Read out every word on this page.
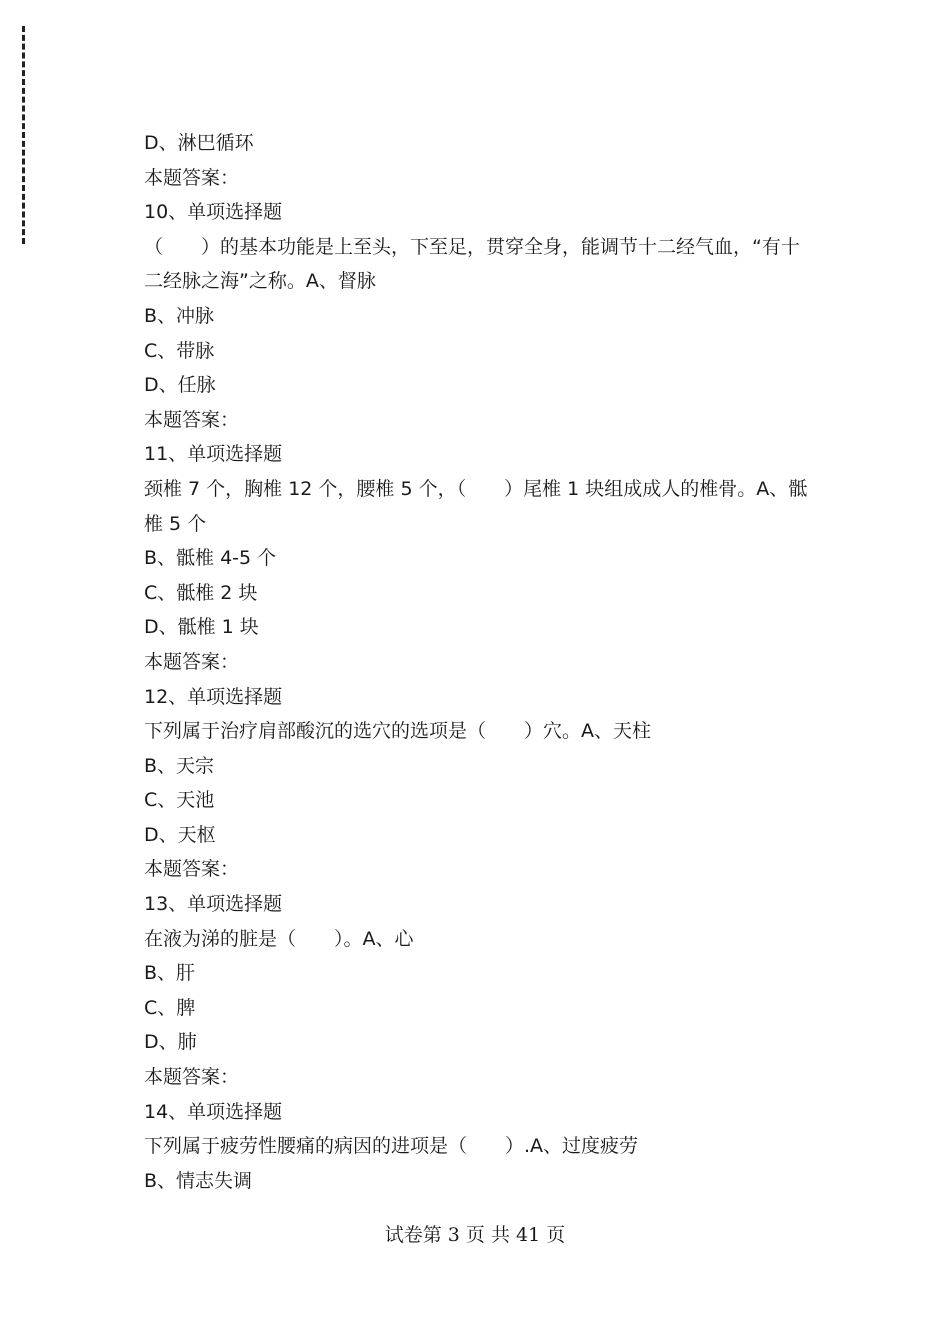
D、淋巴循环

本题答案：

10、单项选择题

（　　）的基本功能是上至头，下至足，贯穿全身，能调节十二经气血，“有十二经脉之海”之称。A、督脉

B、冲脉

C、带脉

D、任脉

本题答案：

11、单项选择题

颈椎 7 个，胸椎 12 个，腰椎 5 个，（　　）尾椎 1 块组成成人的椎骨。A、骶椎 5 个

B、骶椎 4-5 个

C、骶椎 2 块

D、骶椎 1 块

本题答案：

12、单项选择题

下列属于治疗肩部酸沉的选穴的选项是（　　）穴。A、天柱

B、天宗

C、天池

D、天枢

本题答案：

13、单项选择题

在液为涕的脏是（　　）。A、心

B、肝

C、脾

D、肺

本题答案：

14、单项选择题

下列属于疲劳性腰痛的病因的进项是（　　）.A、过度疲劳

B、情志失调

试卷第 3 页 共 41 页
